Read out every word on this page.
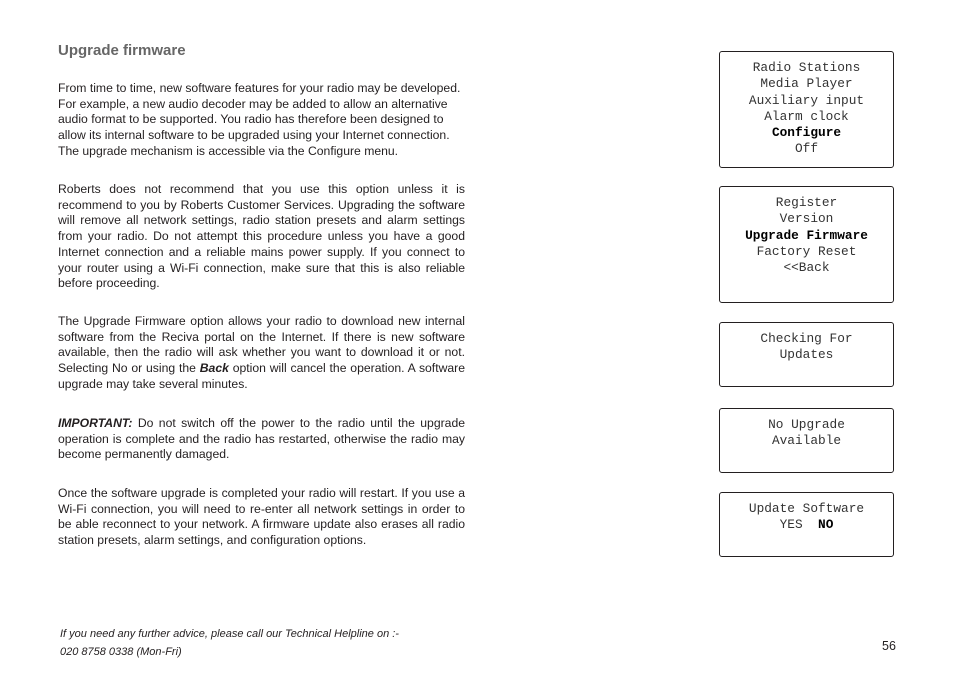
Upgrade firmware

From time to time, new software features for your radio may be developed. For example, a new audio decoder may be added to allow an alternative audio format to be supported. You radio has therefore been designed to allow its internal software to be upgraded using your Internet connection. The upgrade mechanism is accessible via the Configure menu.

Roberts does not recommend that you use this option unless it is recommend to you by Roberts Customer Services. Upgrading the software will remove all network settings, radio station presets and alarm settings from your radio. Do not attempt this procedure unless you have a good Internet connection and a reliable mains power supply. If you connect to your router using a Wi-Fi connection, make sure that this is also reliable before proceeding.

The Upgrade Firmware option allows your radio to download new internal software from the Reciva portal on the Internet. If there is new software available, then the radio will ask whether you want to download it or not. Selecting No or using the Back option will cancel the operation. A software upgrade may take several minutes.

IMPORTANT: Do not switch off the power to the radio until the upgrade operation is complete and the radio has restarted, otherwise the radio may become permanently damaged.

Once the software upgrade is completed your radio will restart. If you use a Wi-Fi connection, you will need to re-enter all network settings in order to be able reconnect to your network. A firmware update also erases all radio station presets, alarm settings, and configuration options.

If you need any further advice, please call our Technical Helpline on :-
020 8758 0338 (Mon-Fri)	56
Radio Stations
Media Player
Auxiliary input
Alarm clock
Configure
Off
Register
Version
Upgrade Firmware
Factory Reset
<<Back
Checking For
Updates
No Upgrade
Available
Update Software
YES NO
